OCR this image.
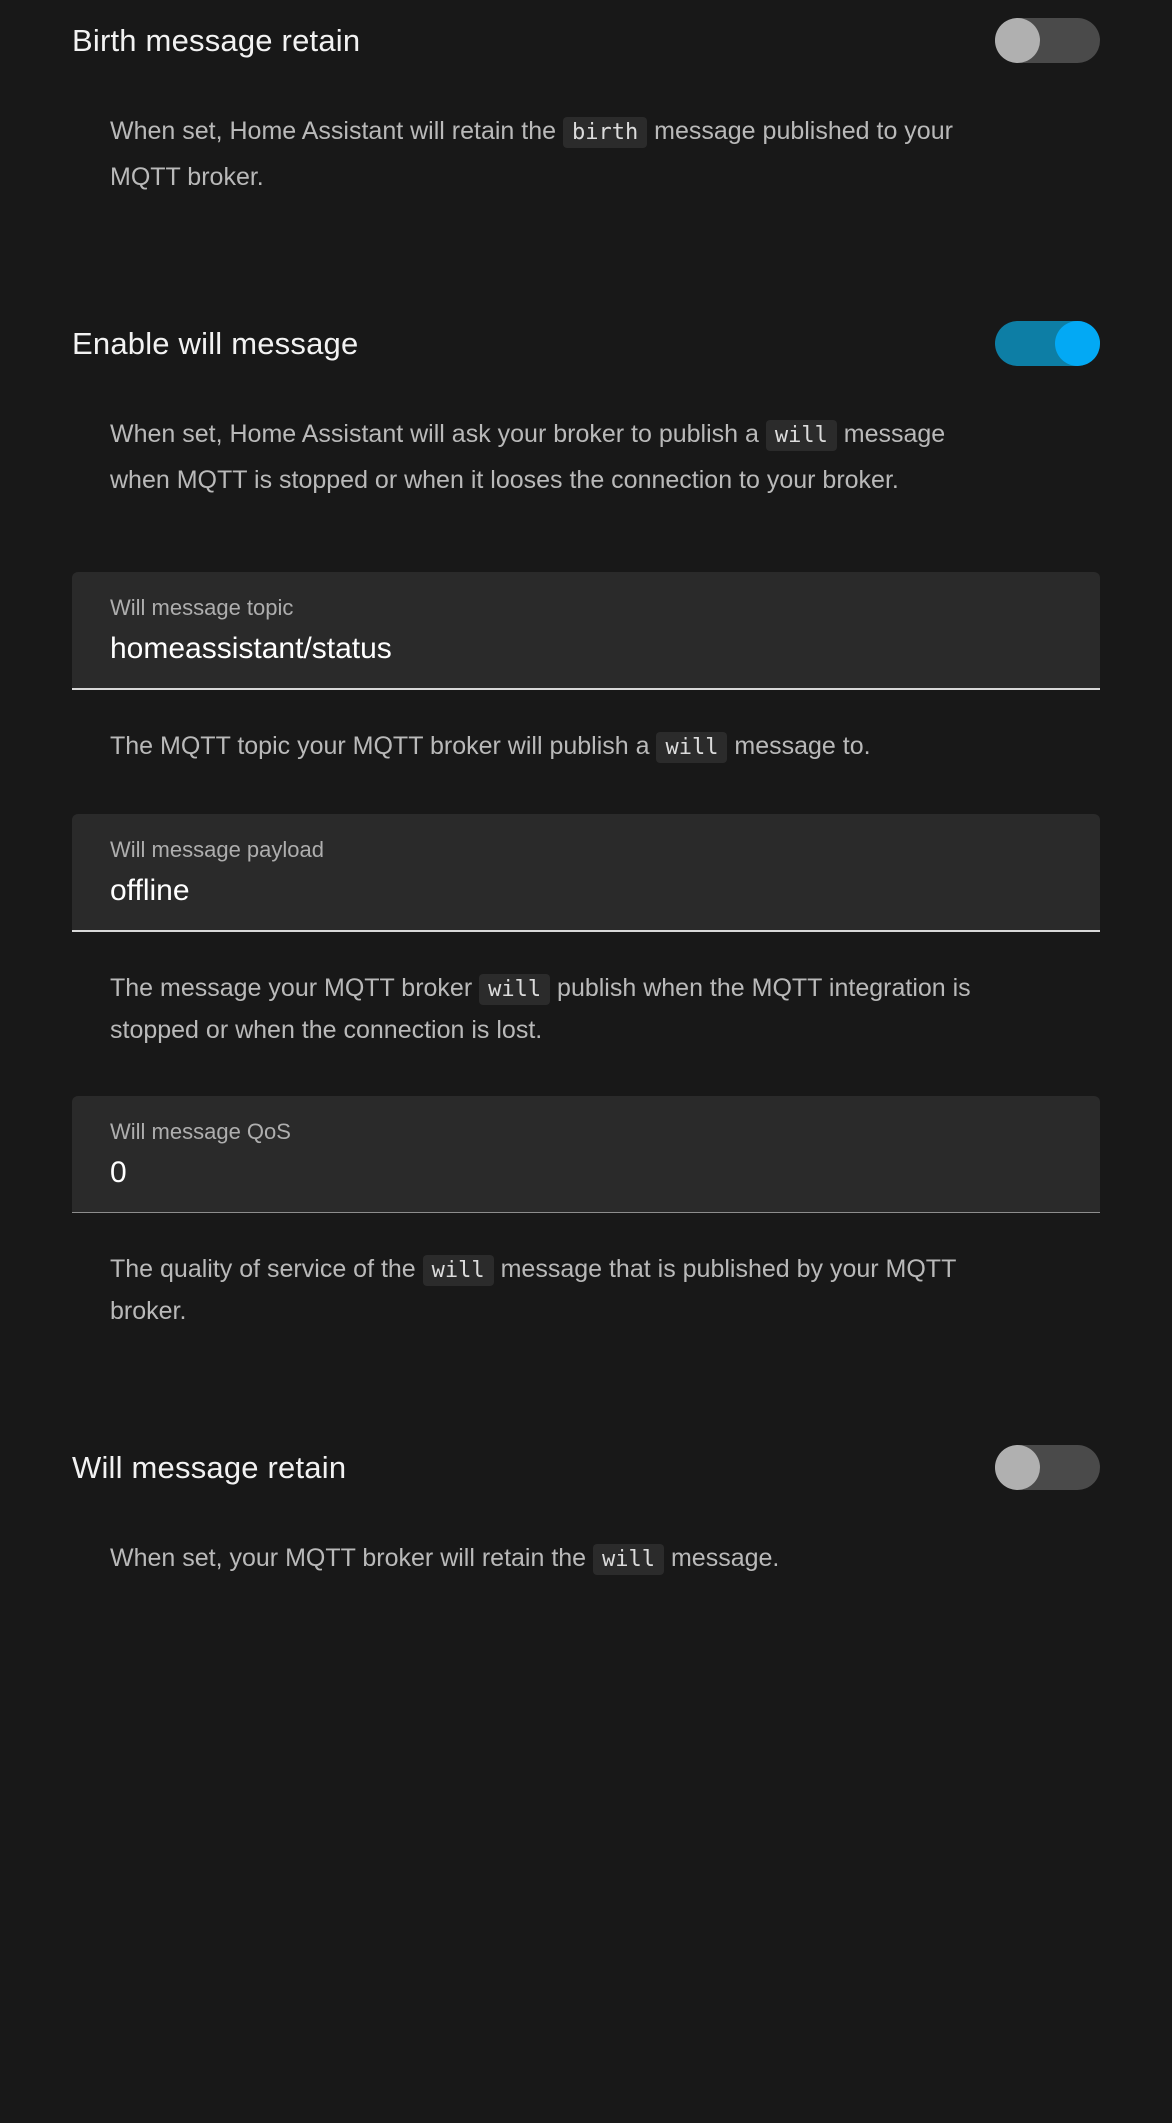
Birth message retain

When set, Home Assistant will retain the birth message published to your MQTT broker.

Enable will message

When set, Home Assistant will ask your broker to publish a will message when MQTT is stopped or when it looses the connection to your broker.

Will message topic
homeassistant/status

The MQTT topic your MQTT broker will publish a will message to.

Will message payload
offline

The message your MQTT broker will publish when the MQTT integration is stopped or when the connection is lost.

Will message QoS
0

The quality of service of the will message that is published by your MQTT broker.

Will message retain

When set, your MQTT broker will retain the will message.
